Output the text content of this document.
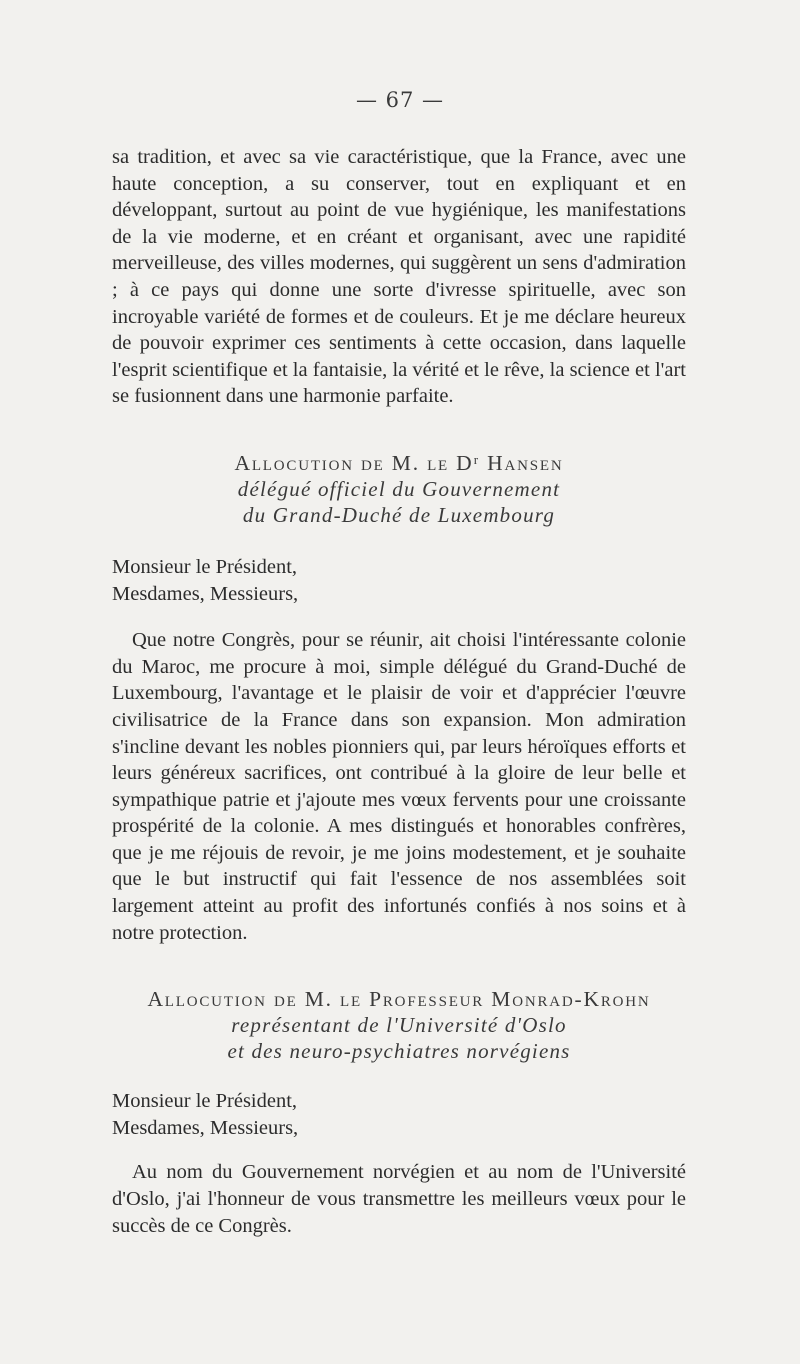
— 67 —

sa tradition, et avec sa vie caractéristique, que la France, avec une haute conception, a su conserver, tout en expliquant et en développant, surtout au point de vue hygiénique, les manifestations de la vie moderne, et en créant et organisant, avec une rapidité merveilleuse, des villes modernes, qui suggèrent un sens d'admiration ; à ce pays qui donne une sorte d'ivresse spirituelle, avec son incroyable variété de formes et de couleurs. Et je me déclare heureux de pouvoir exprimer ces sentiments à cette occasion, dans laquelle l'esprit scientifique et la fantaisie, la vérité et le rêve, la science et l'art se fusionnent dans une harmonie parfaite.

Allocution de M. le Dʳ Hansen
délégué officiel du Gouvernement
du Grand-Duché de Luxembourg
Monsieur le Président,
Mesdames, Messieurs,

Que notre Congrès, pour se réunir, ait choisi l'intéressante colonie du Maroc, me procure à moi, simple délégué du Grand-Duché de Luxembourg, l'avantage et le plaisir de voir et d'apprécier l'œuvre civilisatrice de la France dans son expansion. Mon admiration s'incline devant les nobles pionniers qui, par leurs héroïques efforts et leurs généreux sacrifices, ont contribué à la gloire de leur belle et sympathique patrie et j'ajoute mes vœux fervents pour une croissante prospérité de la colonie. A mes distingués et honorables confrères, que je me réjouis de revoir, je me joins modestement, et je souhaite que le but instructif qui fait l'essence de nos assemblées soit largement atteint au profit des infortunés confiés à nos soins et à notre protection.

Allocution de M. le Professeur Monrad-Krohn
représentant de l'Université d'Oslo
et des neuro-psychiatres norvégiens
Monsieur le Président,
Mesdames, Messieurs,

Au nom du Gouvernement norvégien et au nom de l'Université d'Oslo, j'ai l'honneur de vous transmettre les meilleurs vœux pour le succès de ce Congrès.
